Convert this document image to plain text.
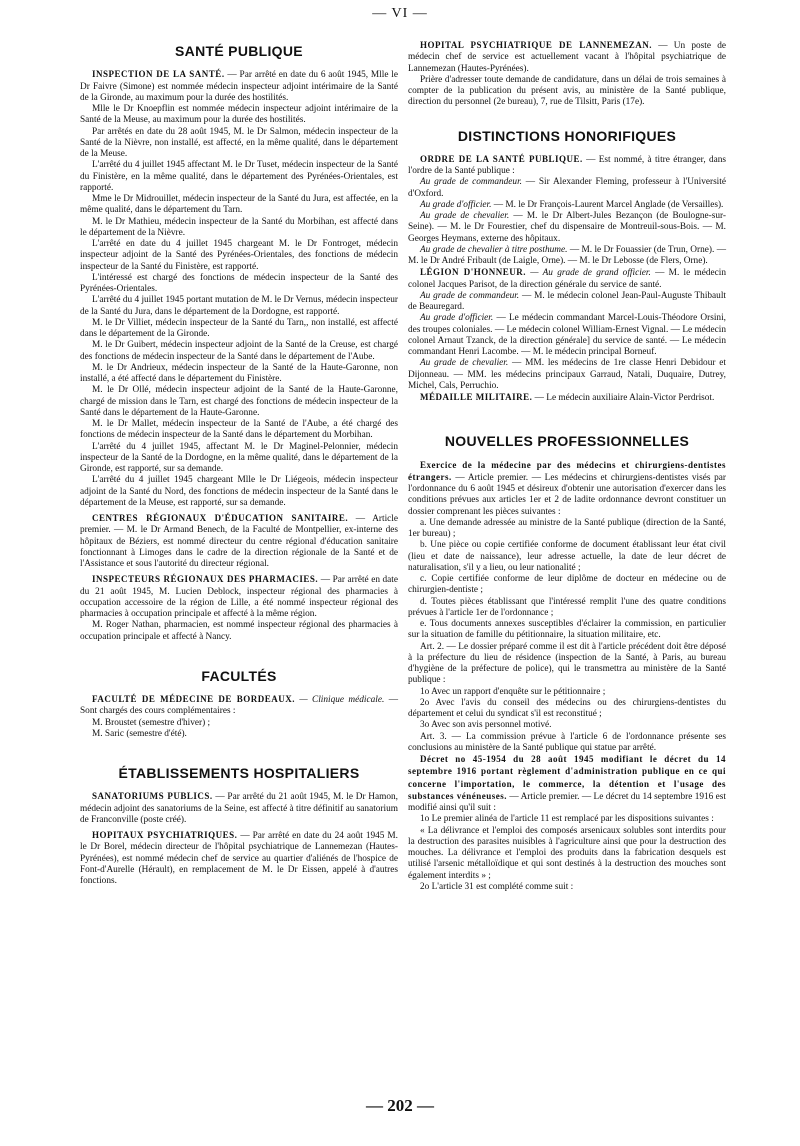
— VI —
SANTÉ PUBLIQUE

INSPECTION DE LA SANTÉ. — Par arrêté en date du 6 août 1945, Mlle le Dr Faivre (Simone) est nommée médecin inspecteur adjoint intérimaire de la Santé de la Gironde, au maximum pour la durée des hostilités.

Mlle le Dr Knoepflin est nommée médecin inspecteur adjoint intérimaire de la Santé de la Meuse, au maximum pour la durée des hostilités.

Par arrêtés en date du 28 août 1945, M. le Dr Salmon, médecin inspecteur de la Santé de la Nièvre, non installé, est affecté, en la même qualité, dans le département de la Meuse.

L'arrêté du 4 juillet 1945 affectant M. le Dr Tuset, médecin inspecteur de la Santé du Finistère, en la même qualité, dans le département des Pyrénées-Orientales, est rapporté.

Mme le Dr Midrouillet, médecin inspecteur de la Santé du Jura, est affectée, en la même qualité, dans le département du Tarn.

M. le Dr Mathieu, médecin inspecteur de la Santé du Morbihan, est affecté dans le département de la Nièvre.

L'arrêté en date du 4 juillet 1945 chargeant M. le Dr Fontroget, médecin inspecteur adjoint de la Santé des Pyrénées-Orientales, des fonctions de médecin inspecteur de la Santé du Finistère, est rapporté.

L'intéressé est chargé des fonctions de médecin inspecteur de la Santé des Pyrénées-Orientales.

L'arrêté du 4 juillet 1945 portant mutation de M. le Dr Vernus, médecin inspecteur de la Santé du Jura, dans le département de la Dordogne, est rapporté.

M. le Dr Villiet, médecin inspecteur de la Santé du Tarn,, non installé, est affecté dans le département de la Gironde.

M. le Dr Guibert, médecin inspecteur adjoint de la Santé de la Creuse, est chargé des fonctions de médecin inspecteur de la Santé dans le département de l'Aube.

M. le Dr Andrieux, médecin inspecteur de la Santé de la Haute-Garonne, non installé, a été affecté dans le département du Finistère.

M. le Dr Ollé, médecin inspecteur adjoint de la Santé de la Haute-Garonne, chargé de mission dans le Tarn, est chargé des fonctions de médecin inspecteur de la Santé dans le département de la Haute-Garonne.

M. le Dr Mallet, médecin inspecteur de la Santé de l'Aube, a été chargé des fonctions de médecin inspecteur de la Santé dans le département du Morbihan.

L'arrêté du 4 juillet 1945, affectant M. le Dr Maginel-Pelonnier, médecin inspecteur de la Santé de la Dordogne, en la même qualité, dans le département de la Gironde, est rapporté, sur sa demande.

L'arrêté du 4 juillet 1945 chargeant Mlle le Dr Liégeois, médecin inspecteur adjoint de la Santé du Nord, des fonctions de médecin inspecteur de la Santé dans le département de la Meuse, est rapporté, sur sa demande.

CENTRES RÉGIONAUX D'ÉDUCATION SANITAIRE. — Article premier. — M. le Dr Armand Benech, de la Faculté de Montpellier, ex-interne des hôpitaux de Béziers, est nommé directeur du centre régional d'éducation sanitaire fonctionnant à Limoges dans le cadre de la direction régionale de la Santé et de l'Assistance et sous l'autorité du directeur régional.

INSPECTEURS RÉGIONAUX DES PHARMACIES. — Par arrêté en date du 21 août 1945, M. Lucien Deblock, inspecteur régional des pharmacies à occupation accessoire de la région de Lille, a été nommé inspecteur régional des pharmacies à occupation principale et affecté à la même région.

M. Roger Nathan, pharmacien, est nommé inspecteur régional des pharmacies à occupation principale et affecté à Nancy.

FACULTÉS

FACULTÉ DE MÉDECINE DE BORDEAUX. — Clinique médicale. — Sont chargés des cours complémentaires :

M. Broustet (semestre d'hiver) ;

M. Saric (semestre d'été).

ÉTABLISSEMENTS HOSPITALIERS

SANATORIUMS PUBLICS. — Par arrêté du 21 août 1945, M. le Dr Hamon, médecin adjoint des sanatoriums de la Seine, est affecté à titre définitif au sanatorium de Franconville (poste créé).

HOPITAUX PSYCHIATRIQUES. — Par arrêté en date du 24 août 1945 M. le Dr Borel, médecin directeur de l'hôpital psychiatrique de Lannemezan (Hautes-Pyrénées), est nommé médecin chef de service au quartier d'aliénés de l'hospice de Font-d'Aurelle (Hérault), en remplacement de M. le Dr Eissen, appelé à d'autres fonctions.

HOPITAL PSYCHIATRIQUE DE LANNEMEZAN. — Un poste de médecin chef de service est actuellement vacant à l'hôpital psychiatrique de Lannemezan (Hautes-Pyrénées).

Prière d'adresser toute demande de candidature, dans un délai de trois semaines à compter de la publication du présent avis, au ministère de la Santé publique, direction du personnel (2e bureau), 7, rue de Tilsitt, Paris (17e).

DISTINCTIONS HONORIFIQUES

ORDRE DE LA SANTÉ PUBLIQUE. — Est nommé, à titre étranger, dans l'ordre de la Santé publique :

Au grade de commandeur. — Sir Alexander Fleming, professeur à l'Université d'Oxford.

Au grade d'officier. — M. le Dr François-Laurent Marcel Anglade (de Versailles).

Au grade de chevalier. — M. le Dr Albert-Jules Bezançon (de Boulogne-sur-Seine). — M. le Dr Fourestier, chef du dispensaire de Montreuil-sous-Bois. — M. Georges Heymans, externe des hôpitaux.

Au grade de chevalier à titre posthume. — M. le Dr Fouassier (de Trun, Orne). — M. le Dr André Fribault (de Laigle, Orne). — M. le Dr Lebosse (de Flers, Orne).

LÉGION D'HONNEUR. — Au grade de grand officier. — M. le médecin colonel Jacques Parisot, de la direction générale du service de santé.

Au grade de commandeur. — M. le médecin colonel Jean-Paul-Auguste Thibault de Beauregard.

Au grade d'officier. — Le médecin commandant Marcel-Louis-Théodore Orsini, des troupes coloniales. — Le médecin colonel William-Ernest Vignal. — Le médecin colonel Arnaut Tzanck, de la direction générale] du service de santé. — Le médecin commandant Henri Lacombe. — M. le médecin principal Borneuf.

Au grade de chevalier. — MM. les médecins de 1re classe Henri Debidour et Dijonneau. — MM. les médecins principaux Garraud, Natali, Duquaire, Dutrey, Michel, Cals, Perruchio.

MÉDAILLE MILITAIRE. — Le médecin auxiliaire Alain-Victor Perdrisot.

NOUVELLES PROFESSIONNELLES

Exercice de la médecine par des médecins et chirurgiens-dentistes étrangers. — Article premier. — Les médecins et chirurgiens-dentistes visés par l'ordonnance du 6 août 1945 et désireux d'obtenir une autorisation d'exercer dans les conditions prévues aux articles 1er et 2 de ladite ordonnance devront constituer un dossier comprenant les pièces suivantes :

a. Une demande adressée au ministre de la Santé publique (direction de la Santé, 1er bureau) ;

b. Une pièce ou copie certifiée conforme de document établissant leur état civil (lieu et date de naissance), leur adresse actuelle, la date de leur décret de naturalisation, s'il y a lieu, ou leur nationalité ;

c. Copie certifiée conforme de leur diplôme de docteur en médecine ou de chirurgien-dentiste ;

d. Toutes pièces établissant que l'intéressé remplit l'une des quatre conditions prévues à l'article 1er de l'ordonnance ;

e. Tous documents annexes susceptibles d'éclairer la commission, en particulier sur la situation de famille du pétitionnaire, la situation militaire, etc.

Art. 2. — Le dossier préparé comme il est dit à l'article précédent doit être déposé à la préfecture du lieu de résidence (inspection de la Santé, à Paris, au bureau d'hygiène de la préfecture de police), qui le transmettra au ministère de la Santé publique :

1o Avec un rapport d'enquête sur le pétitionnaire ;

2o Avec l'avis du conseil des médecins ou des chirurgiens-dentistes du département et celui du syndicat s'il est reconstitué ;

3o Avec son avis personnel motivé.

Art. 3. — La commission prévue à l'article 6 de l'ordonnance présente ses conclusions au ministère de la Santé publique qui statue par arrêté.

Décret no 45-1954 du 28 août 1945 modifiant le décret du 14 septembre 1916 portant règlement d'administration publique en ce qui concerne l'importation, le commerce, la détention et l'usage des substances vénéneuses. — Article premier. — Le décret du 14 septembre 1916 est modifié ainsi qu'il suit :

1o Le premier alinéa de l'article 11 est remplacé par les dispositions suivantes :

« La délivrance et l'emploi des composés arsenicaux solubles sont interdits pour la destruction des parasites nuisibles à l'agriculture ainsi que pour la destruction des mouches. La délivrance et l'emploi des produits dans la fabrication desquels est utilisé l'arsenic métalloïdique et qui sont destinés à la destruction des mouches sont également interdits » ;

2o L'article 31 est complété comme suit :

— 202 —
